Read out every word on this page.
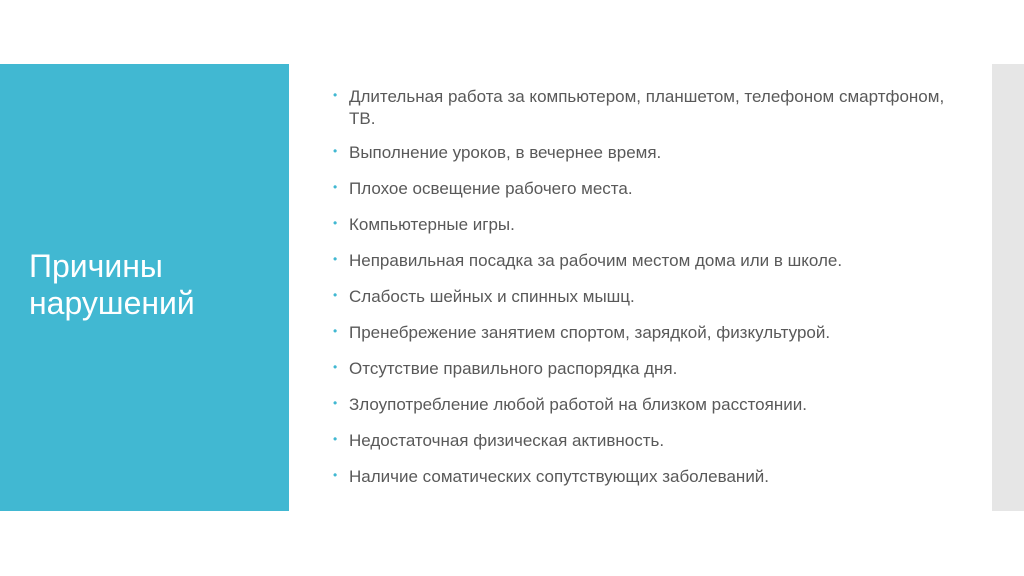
Причины нарушений
• Длительная работа за компьютером, планшетом, телефоном смартфоном, ТВ.
• Выполнение уроков, в вечернее время.
• Плохое освещение рабочего места.
• Компьютерные игры.
• Неправильная посадка за рабочим местом дома или в школе.
• Слабость шейных и спинных мышц.
• Пренебрежение занятием спортом, зарядкой, физкультурой.
• Отсутствие правильного распорядка дня.
• Злоупотребление любой работой на близком расстоянии.
• Недостаточная физическая активность.
• Наличие соматических сопутствующих заболеваний.
